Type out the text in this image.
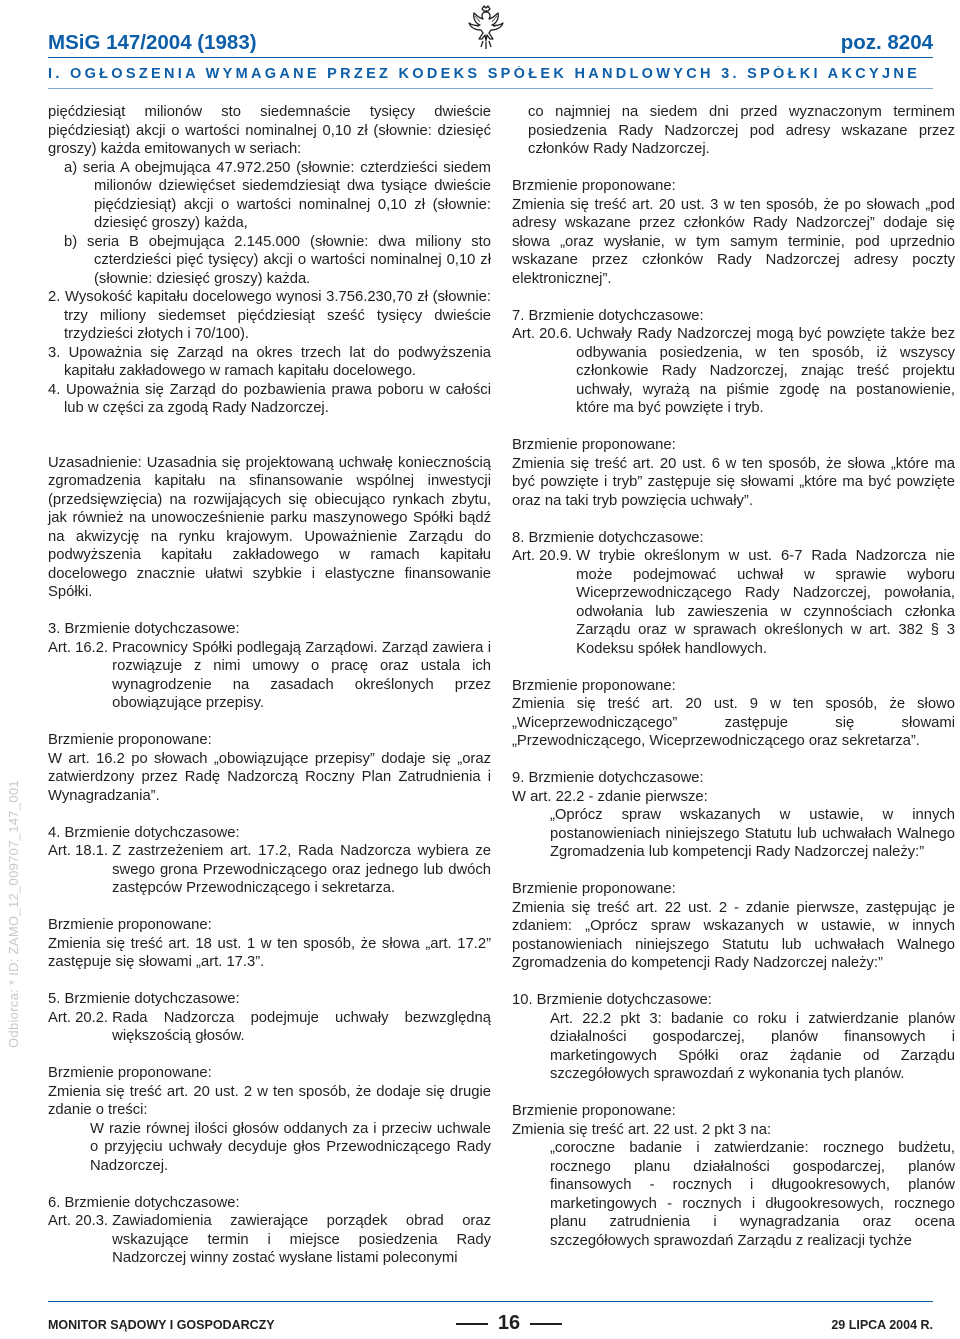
MSiG 147/2004 (1983)	poz. 8204
I. OGŁOSZENIA WYMAGANE PRZEZ KODEKS SPÓŁEK HANDLOWYCH 3. SPÓŁKI AKCYJNE
Odbiorca: * ID: ZAMO_12_009707_147_001

pięćdziesiąt milionów sto siedemnaście tysięcy dwieście pięćdziesiąt) akcji o wartości nominalnej 0,10 zł (słownie: dziesięć groszy) każda emitowanych w seriach:

a) seria A obejmująca 47.972.250 (słownie: czterdzieści siedem milionów dziewięćset siedemdziesiąt dwa tysiące dwieście pięćdziesiąt) akcji o wartości nominalnej 0,10 zł (słownie: dziesięć groszy) każda,

b) seria B obejmująca 2.145.000 (słownie: dwa miliony sto czterdzieści pięć tysięcy) akcji o wartości nominalnej 0,10 zł (słownie: dziesięć groszy) każda.

2. Wysokość kapitału docelowego wynosi 3.756.230,70 zł (słownie: trzy miliony siedemset pięćdziesiąt sześć tysięcy dwieście trzydzieści złotych i 70/100).

3. Upoważnia się Zarząd na okres trzech lat do podwyższenia kapitału zakładowego w ramach kapitału docelowego.

4. Upoważnia się Zarząd do pozbawienia prawa poboru w całości lub w części za zgodą Rady Nadzorczej.

Uzasadnienie: Uzasadnia się projektowaną uchwałę koniecznością zgromadzenia kapitału na sfinansowanie wspólnej inwestycji (przedsięwzięcia) na rozwijających się obiecująco rynkach zbytu, jak również na unowocześnienie parku maszynowego Spółki bądź na akwizycję na rynku krajowym. Upoważnienie Zarządu do podwyższenia kapitału zakładowego w ramach kapitału docelowego znacznie ułatwi szybkie i elastyczne finansowanie Spółki.

3. Brzmienie dotychczasowe:

Art. 16.2. Pracownicy Spółki podlegają Zarządowi. Zarząd zawiera i rozwiązuje z nimi umowy o pracę oraz ustala ich wynagrodzenie na zasadach określonych przez obowiązujące przepisy.

Brzmienie proponowane:

W art. 16.2 po słowach „obowiązujące przepisy” dodaje się „oraz zatwierdzony przez Radę Nadzorczą Roczny Plan Zatrudnienia i Wynagradzania”.

4. Brzmienie dotychczasowe:

Art. 18.1. Z zastrzeżeniem art. 17.2, Rada Nadzorcza wybiera ze swego grona Przewodniczącego oraz jednego lub dwóch zastępców Przewodniczącego i sekretarza.

Brzmienie proponowane:

Zmienia się treść art. 18 ust. 1 w ten sposób, że słowa „art. 17.2” zastępuje się słowami „art. 17.3”.

5. Brzmienie dotychczasowe:

Art. 20.2. Rada Nadzorcza podejmuje uchwały bezwzględną większością głosów.

Brzmienie proponowane:

Zmienia się treść art. 20 ust. 2 w ten sposób, że dodaje się drugie zdanie o treści:

W razie równej ilości głosów oddanych za i przeciw uchwale o przyjęciu uchwały decyduje głos Przewodniczącego Rady Nadzorczej.

6. Brzmienie dotychczasowe:

Art. 20.3. Zawiadomienia zawierające porządek obrad oraz wskazujące termin i miejsce posiedzenia Rady Nadzorczej winny zostać wysłane listami poleconymi

co najmniej na siedem dni przed wyznaczonym terminem posiedzenia Rady Nadzorczej pod adresy wskazane przez członków Rady Nadzorczej.

Brzmienie proponowane:

Zmienia się treść art. 20 ust. 3 w ten sposób, że po słowach „pod adresy wskazane przez członków Rady Nadzorczej” dodaje się słowa „oraz wysłanie, w tym samym terminie, pod uprzednio wskazane przez członków Rady Nadzorczej adresy poczty elektronicznej”.

7. Brzmienie dotychczasowe:

Art. 20.6. Uchwały Rady Nadzorczej mogą być powzięte także bez odbywania posiedzenia, w ten sposób, iż wszyscy członkowie Rady Nadzorczej, znając treść projektu uchwały, wyrażą na piśmie zgodę na postanowienie, które ma być powzięte i tryb.

Brzmienie proponowane:

Zmienia się treść art. 20 ust. 6 w ten sposób, że słowa „które ma być powzięte i tryb” zastępuje się słowami „które ma być powzięte oraz na taki tryb powzięcia uchwały”.

8. Brzmienie dotychczasowe:

Art. 20.9. W trybie określonym w ust. 6-7 Rada Nadzorcza nie może podejmować uchwał w sprawie wyboru Wiceprzewodniczącego Rady Nadzorczej, powołania, odwołania lub zawieszenia w czynnościach członka Zarządu oraz w sprawach określonych w art. 382 § 3 Kodeksu spółek handlowych.

Brzmienie proponowane:

Zmienia się treść art. 20 ust. 9 w ten sposób, że słowo „Wiceprzewodniczącego” zastępuje się słowami „Przewodniczącego, Wiceprzewodniczącego oraz sekretarza”.

9. Brzmienie dotychczasowe:

W art. 22.2 - zdanie pierwsze:

„Oprócz spraw wskazanych w ustawie, w innych postanowieniach niniejszego Statutu lub uchwałach Walnego Zgromadzenia lub kompetencji Rady Nadzorczej należy:”

Brzmienie proponowane:

Zmienia się treść art. 22 ust. 2 - zdanie pierwsze, zastępując je zdaniem: „Oprócz spraw wskazanych w ustawie, w innych postanowieniach niniejszego Statutu lub uchwałach Walnego Zgromadzenia do kompetencji Rady Nadzorczej należy:”

10. Brzmienie dotychczasowe:

Art. 22.2 pkt 3: badanie co roku i zatwierdzanie planów działalności gospodarczej, planów finansowych i marketingowych Spółki oraz żądanie od Zarządu szczegółowych sprawozdań z wykonania tych planów.

Brzmienie proponowane:

Zmienia się treść art. 22 ust. 2 pkt 3 na:

„coroczne badanie i zatwierdzanie: rocznego budżetu, rocznego planu działalności gospodarczej, planów finansowych - rocznych i długookresowych, planów marketingowych - rocznych i długookresowych, rocznego planu zatrudnienia i wynagradzania oraz ocena szczegółowych sprawozdań Zarządu z realizacji tychże

MONITOR SĄDOWY I GOSPODARCZY	16	29 LIPCA 2004 R.
